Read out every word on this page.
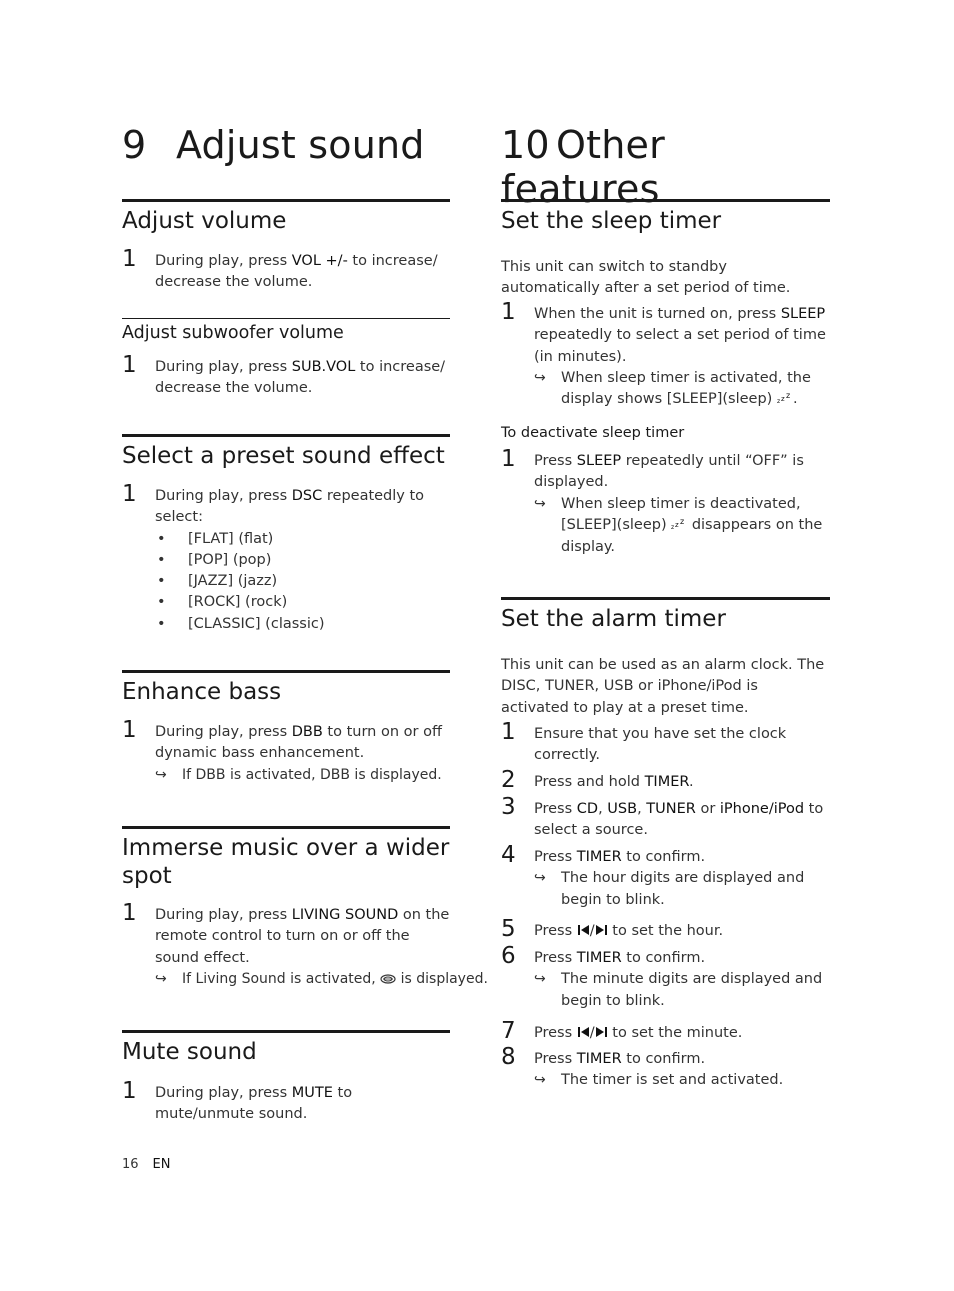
9 Adjust sound
Adjust volume
1 During play, press VOL +/- to increase/ decrease the volume.
Adjust subwoofer volume
1 During play, press SUB.VOL to increase/ decrease the volume.
Select a preset sound effect
1 During play, press DSC repeatedly to select:
• [FLAT] (flat)
• [POP] (pop)
• [JAZZ] (jazz)
• [ROCK] (rock)
• [CLASSIC] (classic)
Enhance bass
1 During play, press DBB to turn on or off dynamic bass enhancement.
↪ If DBB is activated, DBB is displayed.
Immerse music over a wider spot
1 During play, press LIVING SOUND on the remote control to turn on or off the sound effect.
↪ If Living Sound is activated,  is displayed.
Mute sound
1 During play, press MUTE to mute/unmute sound.
10 Other features
Set the sleep timer
This unit can switch to standby automatically after a set period of time.
1 When the unit is turned on, press SLEEP repeatedly to select a set period of time (in minutes).
↪ When sleep timer is activated, the display shows [SLEEP](sleep) z z z .
To deactivate sleep timer
1 Press SLEEP repeatedly until “OFF” is displayed.
↪ When sleep timer is deactivated, [SLEEP](sleep) z z z disappears on the display.
Set the alarm timer
This unit can be used as an alarm clock. The DISC, TUNER, USB or iPhone/iPod is activated to play at a preset time.
1 Ensure that you have set the clock correctly.
2 Press and hold TIMER.
3 Press CD, USB, TUNER or iPhone/iPod to select a source.
4 Press TIMER to confirm.
↪ The hour digits are displayed and begin to blink.
5 Press / to set the hour.
6 Press TIMER to confirm.
↪ The minute digits are displayed and begin to blink.
7 Press / to set the minute.
8 Press TIMER to confirm.
↪ The timer is set and activated.
16 EN
